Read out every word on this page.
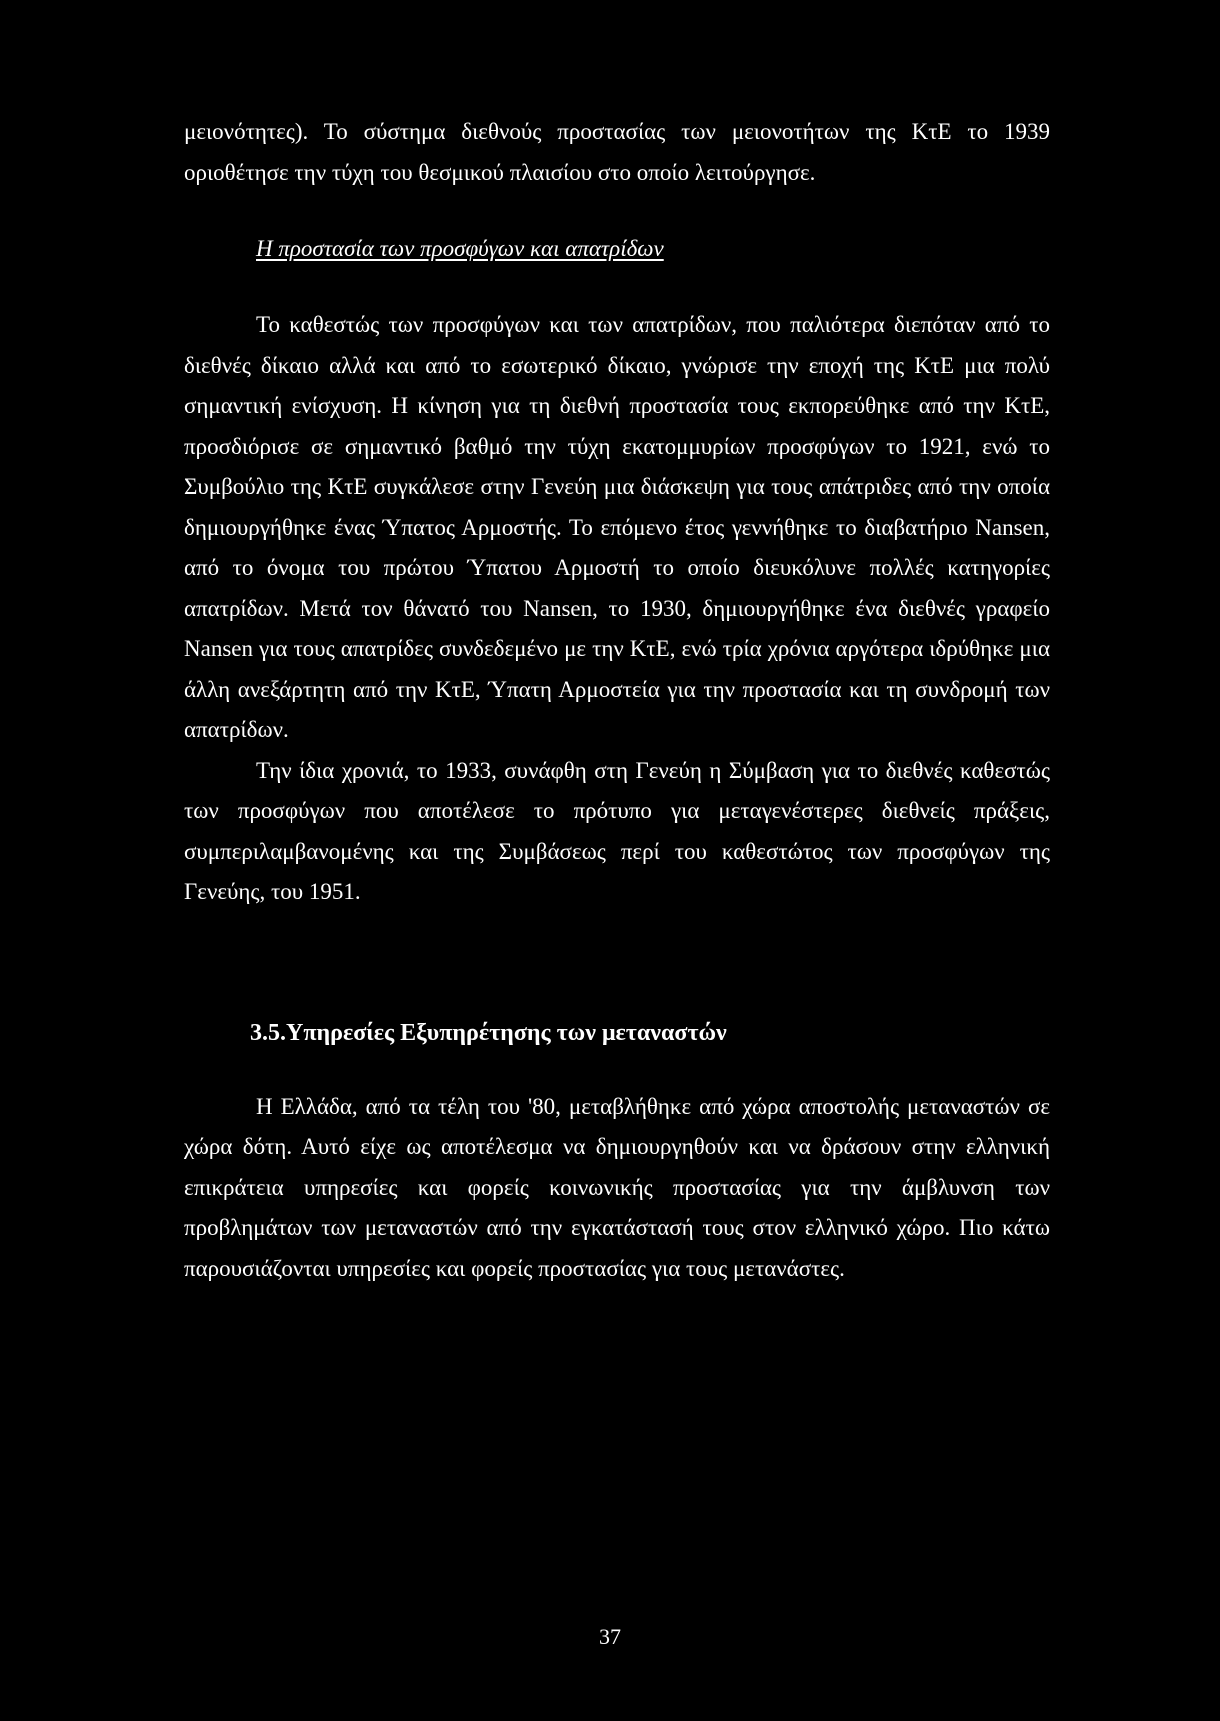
μειονότητες). Το σύστημα διεθνούς προστασίας των μειονοτήτων της ΚτΕ το 1939 οριοθέτησε την τύχη του θεσμικού πλαισίου στο οποίο λειτούργησε.

Η προστασία των προσφύγων και απατρίδων

Το καθεστώς των προσφύγων και των απατρίδων, που παλιότερα διεπόταν από το διεθνές δίκαιο αλλά και από το εσωτερικό δίκαιο, γνώρισε την εποχή της ΚτΕ μια πολύ σημαντική ενίσχυση. Η κίνηση για τη διεθνή προστασία τους εκπορεύθηκε από την ΚτΕ, προσδιόρισε σε σημαντικό βαθμό την τύχη εκατομμυρίων προσφύγων το 1921, ενώ το Συμβούλιο της ΚτΕ συγκάλεσε στην Γενεύη μια διάσκεψη για τους απάτριδες από την οποία δημιουργήθηκε ένας Ύπατος Αρμοστής. Το επόμενο έτος γεννήθηκε το διαβατήριο Nansen, από το όνομα του πρώτου Ύπατου Αρμοστή το οποίο διευκόλυνε πολλές κατηγορίες απατρίδων. Μετά τον θάνατό του Nansen, το 1930, δημιουργήθηκε ένα διεθνές γραφείο Nansen για τους απατρίδες συνδεδεμένο με την ΚτΕ, ενώ τρία χρόνια αργότερα ιδρύθηκε μια άλλη ανεξάρτητη από την ΚτΕ, Ύπατη Αρμοστεία για την προστασία και τη συνδρομή των απατρίδων.

Την ίδια χρονιά, το 1933, συνάφθη στη Γενεύη η Σύμβαση για το διεθνές καθεστώς των προσφύγων που αποτέλεσε το πρότυπο για μεταγενέστερες διεθνείς πράξεις, συμπεριλαμβανομένης και της Συμβάσεως περί του καθεστώτος των προσφύγων της Γενεύης, του 1951.

3.5.Υπηρεσίες Εξυπηρέτησης των μεταναστών

Η Ελλάδα, από τα τέλη του '80, μεταβλήθηκε από χώρα αποστολής μεταναστών σε χώρα δότη. Αυτό είχε ως αποτέλεσμα να δημιουργηθούν και να δράσουν στην ελληνική επικράτεια υπηρεσίες και φορείς κοινωνικής προστασίας για την άμβλυνση των προβλημάτων των μεταναστών από την εγκατάστασή τους στον ελληνικό χώρο. Πιο κάτω παρουσιάζονται υπηρεσίες και φορείς προστασίας για τους μετανάστες.

37
